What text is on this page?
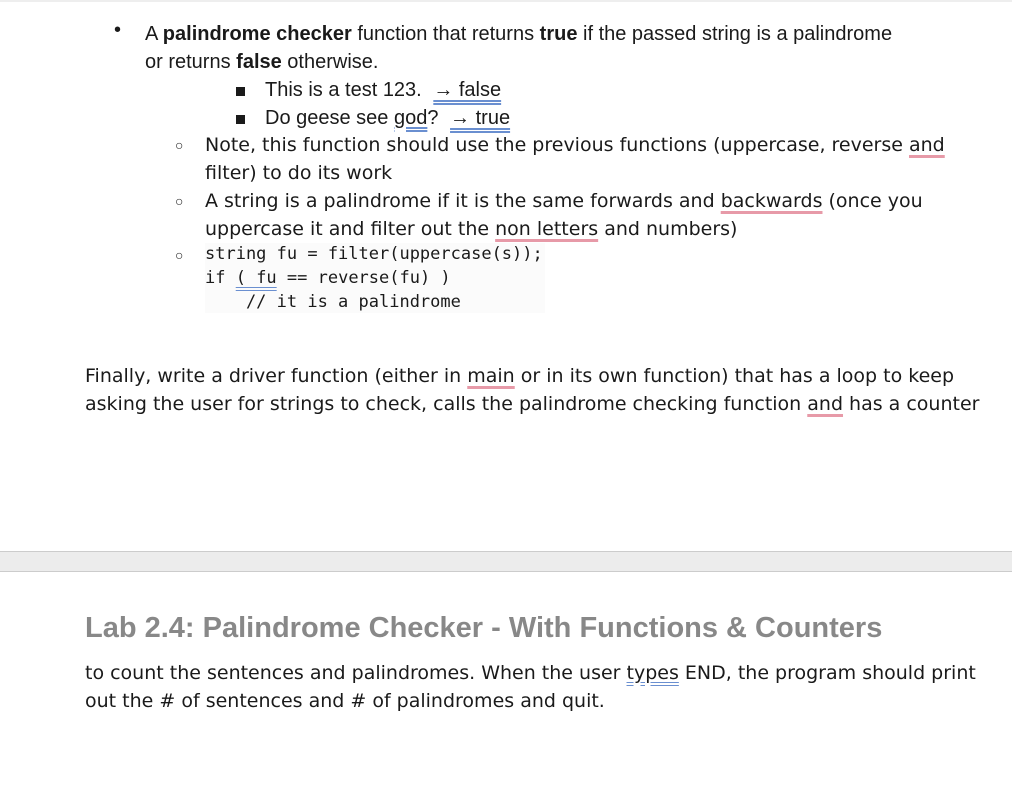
• A palindrome checker function that returns true if the passed string is a palindrome
or returns false otherwise.
This is a test 123. → false
Do geese see god? → true
○ Note, this function should use the previous functions (uppercase, reverse and
filter) to do its work
○ A string is a palindrome if it is the same forwards and backwards (once you
uppercase it and filter out the non letters and numbers)
○ string fu = filter(uppercase(s));
if ( fu == reverse(fu) )
// it is a palindrome
Finally, write a driver function (either in main or in its own function) that has a loop to keep
asking the user for strings to check, calls the palindrome checking function and has a counter
Lab 2.4: Palindrome Checker - With Functions & Counters
to count the sentences and palindromes. When the user types END, the program should print
out the # of sentences and # of palindromes and quit.
